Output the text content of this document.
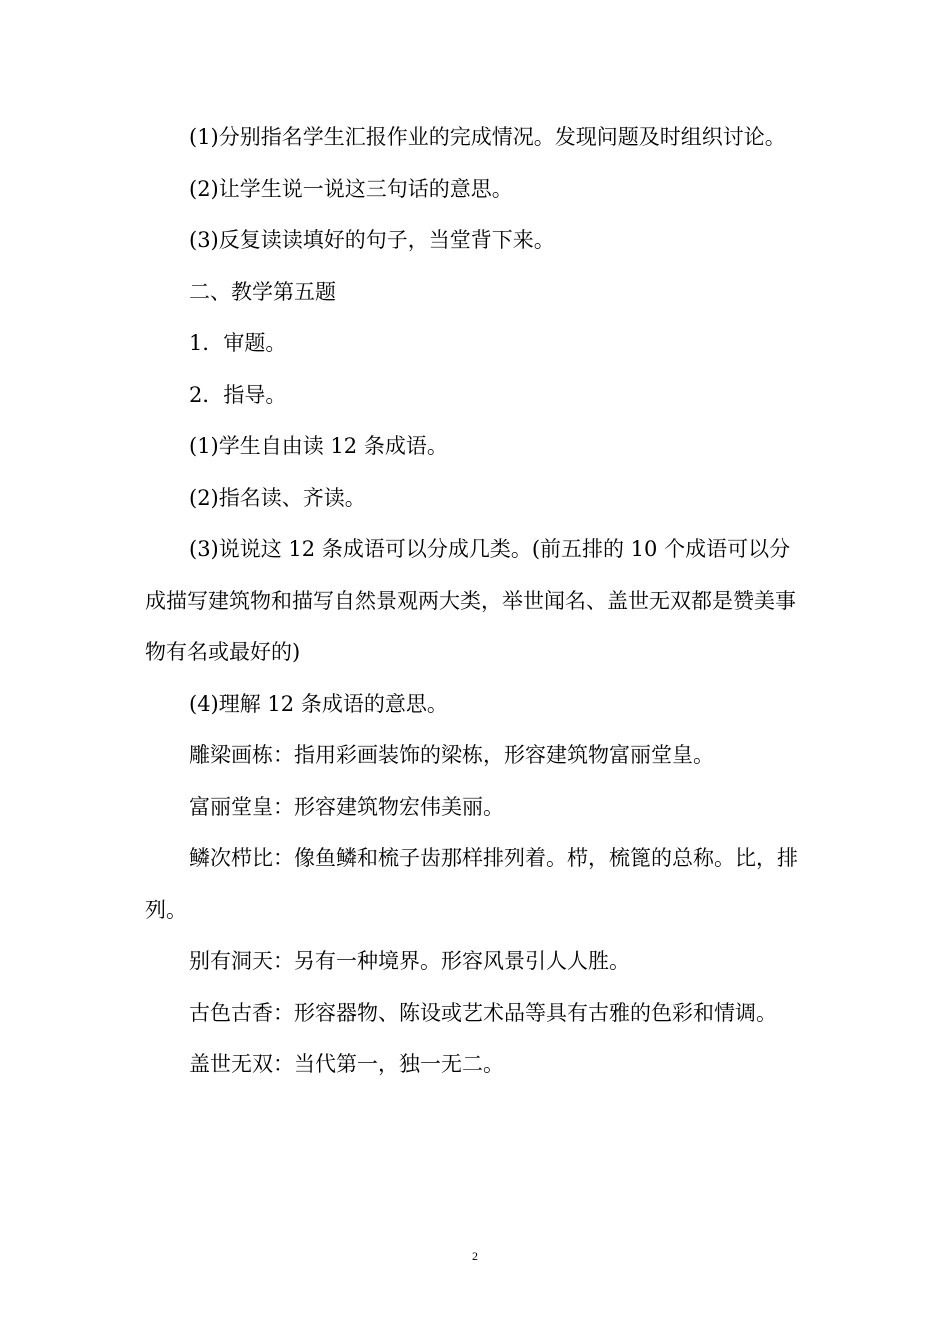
(1)分别指名学生汇报作业的完成情况。发现问题及时组织讨论。

(2)让学生说一说这三句话的意思。

(3)反复读读填好的句子，当堂背下来。

二、教学第五题

1．审题。

2．指导。

(1)学生自由读 12 条成语。

(2)指名读、齐读。

(3)说说这 12 条成语可以分成几类。(前五排的 10 个成语可以分成描写建筑物和描写自然景观两大类，举世闻名、盖世无双都是赞美事物有名或最好的)

(4)理解 12 条成语的意思。

雕梁画栋：指用彩画装饰的梁栋，形容建筑物富丽堂皇。

富丽堂皇：形容建筑物宏伟美丽。

鳞次栉比：像鱼鳞和梳子齿那样排列着。栉，梳篦的总称。比，排列。

别有洞天：另有一种境界。形容风景引人人胜。

古色古香：形容器物、陈设或艺术品等具有古雅的色彩和情调。

盖世无双：当代第一，独一无二。

2
